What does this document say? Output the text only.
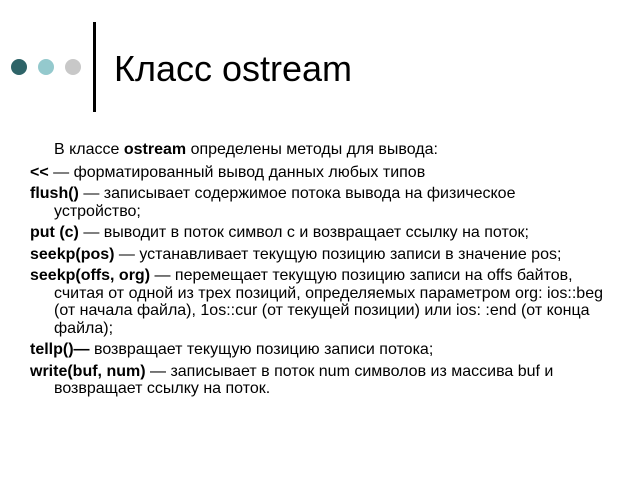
Класс ostream

В классе ostream определены методы для вывода:

<< — форматированный вывод данных любых типов

flush() — записывает содержимое потока вывода на физическое устройство;

put (c) — выводит в поток символ с и возвращает ссылку на поток;

seekp(pos) — устанавливает текущую позицию записи в значение pos;

seekp(offs, org) — перемещает текущую позицию записи на offs байтов, считая от одной из трех позиций, определяемых параметром org: ios::beg (от начала файла), 1os::cur (от текущей позиции) или ios: :end (от конца файла);

tellp()— возвращает текущую позицию записи потока;

write(buf, num) — записывает в поток num символов из массива buf и возвращает ссылку на поток.
